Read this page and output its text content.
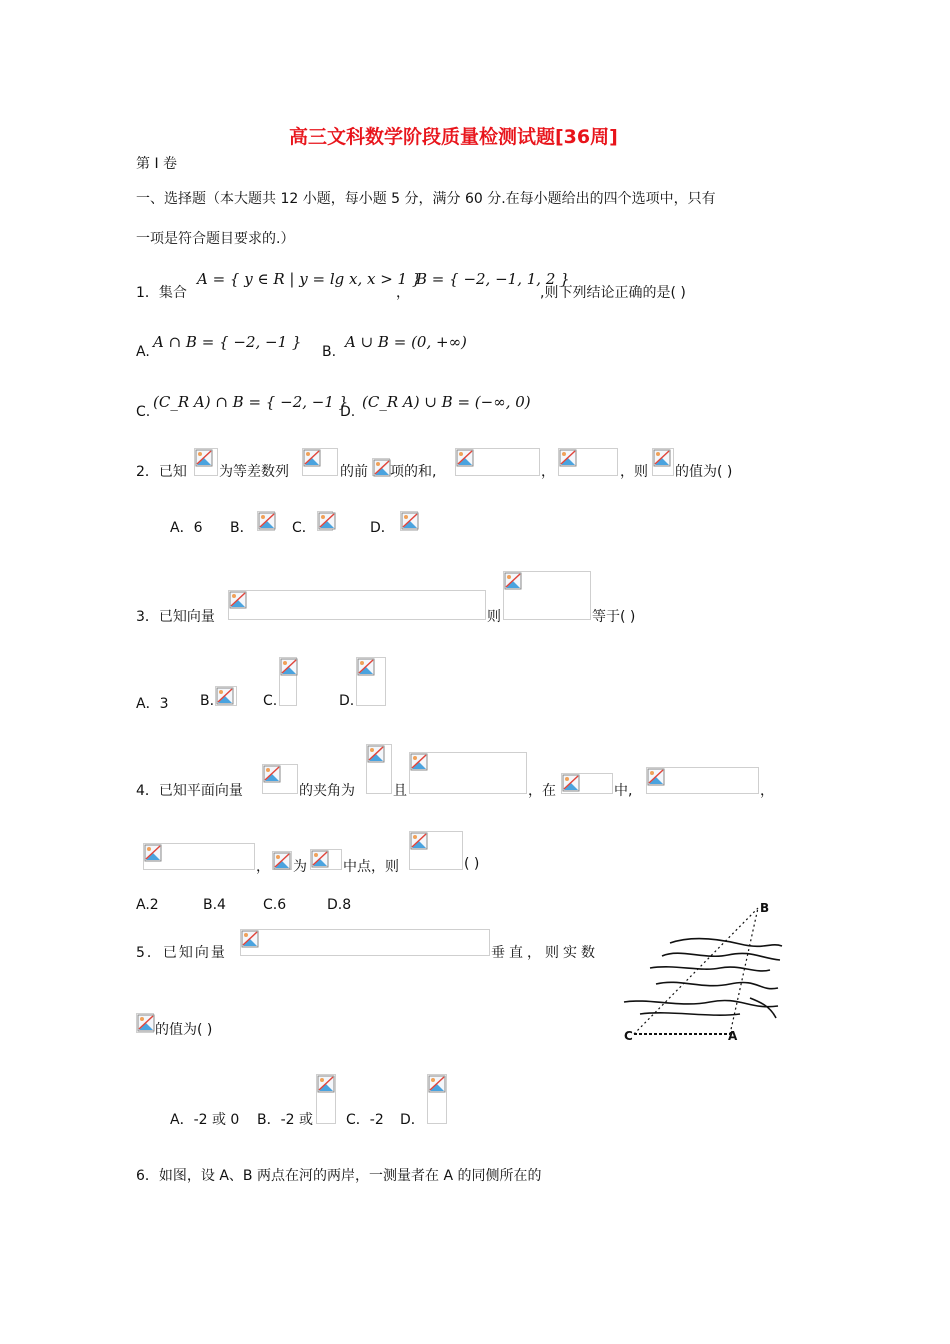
高三文科数学阶段质量检测试题[36周]
第 I 卷
一、选择题（本大题共 12 小题，每小题 5 分，满分 60 分.在每小题给出的四个选项中，只有
一项是符合题目要求的.）
1．集合
A = { y ∈ R | y = lg x, x > 1 }
，
B = { −2, −1, 1, 2 }
,则下列结论正确的是( )
A.
A ∩ B = { −2, −1 }
B.
A ∪ B = (0, +∞)
C.
(C_R A) ∩ B = { −2, −1 }
D.
(C_R A) ∪ B = (−∞, 0)
2．已知 为等差数列	的前 项的和,	，	，则 的值为( )
A．6 B．	C．	D．
3．已知向量	则	等于( )
A．3 B.	C.	D.
4．已知平面向量	的夹角为	且	，在	中,	，
， 为	中点，则	( )
A.2	B.4	C.6	D.8
5．已知向量	垂直，则实数
的值为( )
A．-2 或 0 B．-2 或 C．-2 D．
6．如图，设 A、B 两点在河的两岸，一测量者在 A 的同侧所在的
B
C	A
